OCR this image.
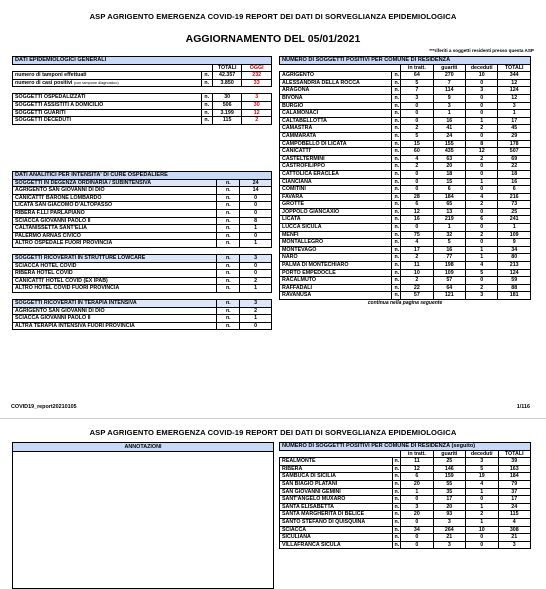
ASP AGRIGENTO EMERGENZA COVID-19 REPORT DEI DATI DI SORVEGLIANZA EPIDEMIOLOGICA
AGGIORNAMENTO DEL 05/01/2021
***riferiti a soggetti residenti presso questa ASP
DATI EPIDEMIOLOGICI GENERALI			
		TOTALI	OGGI
numero di tamponi effettuati	n.	42.357	232
numero di casi positivi (con tampone diagnostico)	n.	3.850	33

SOGGETTI OSPEDALIZZATI	n.	30	3
SOGGETTI ASSISTITI A DOMICILIO	n.	506	30
SOGGETTI GUARITI	n.	3.199	12
SOGGETTI DECEDUTI	n.	115	2
DATI ANALITICI PER INTENSITA' DI CURE OSPEDALIERE		
SOGGETTI IN DEGENZA ORDINARIA / SUBINTENSIVA	n.	24
AGRIGENTO SAN GIOVANNI DI DIO	n.	14
CANICATTI' BARONE LOMBARDO	n.	0
LICATA SAN GIACOMO D'ALTOPASSO	n.	0
RIBERA F.LLI PARLAPIANO	n.	0
SCIACCA GIOVANNI PAOLO II	n.	8
CALTANISSETTA SANT'ELIA	n.	1
PALERMO ARNAS CIVICO	n.	0
ALTRO OSPEDALE FUORI PROVINCIA	n.	1

SOGGETTI RICOVERATI IN STRUTTURE LOWCARE	n.	3
SCIACCA HOTEL COVID	n.	0
RIBERA HOTEL COVID	n.	0
CANICATTI' HOTEL COVID (EX IPAB)	n.	2
ALTRO HOTEL COVID FUORI PROVINCIA	n.	1

SOGGETTI RICOVERATI IN TERAPIA INTENSIVA	n.	3
AGRIGENTO SAN GIOVANNI DI DIO	n.	2
SCIACCA GIOVANNI PAOLO II	n.	1
ALTRA TERAPIA INTENSIVA FUORI PROVINCIA	n.	0
NUMERO DI SOGGETTI POSITIVI PER COMUNE DI RESIDENZA					
		in tratt.	guariti	deceduti	TOTALI
AGRIGENTO	n.	64	270	10	344
ALESSANDRIA DELLA ROCCA	n.	5	7	0	12
ARAGONA	n.	7	114	3	124
BIVONA	n.	3	9	0	12
BURGIO	n.	0	3	0	3
CALAMONACI	n.	0	1	0	1
CALTABELLOTTA	n.	0	16	1	17
CAMASTRA	n.	2	41	2	45
CAMMARATA	n.	5	24	0	29
CAMPOBELLO DI LICATA	n.	15	155	8	178
CANICATTI'	n.	60	435	12	507
CASTELTERMINI	n.	4	63	2	69
CASTROFILIPPO	n.	2	20	0	22
CATTOLICA ERACLEA	n.	0	18	0	18
CIANCIANA	n.	0	15	1	16
COMITINI	n.	0	6	0	6
FAVARA	n.	28	184	4	216
GROTTE	n.	6	65	2	73
JOPPOLO GIANCAXIO	n.	12	13	0	25
LICATA	n.	16	219	6	241
LUCCA SICULA	n.	0	1	0	1
MENFI	n.	75	32	2	109
MONTALLEGRO	n.	4	5	0	9
MONTEVAGO	n.	17	16	1	34
NARO	n.	2	77	1	80
PALMA DI MONTECHIARO	n.	11	198	4	213
PORTO EMPEDOCLE	n.	10	109	5	124
RACALMUTO	n.	2	57	0	59
RAFFADALI	n.	22	64	2	88
RAVANUSA	n.	57	121	3	181
continua nella pagina seguente					
COVID19_report20210105	1/116
ASP AGRIGENTO EMERGENZA COVID-19 REPORT DEI DATI DI SORVEGLIANZA EPIDEMIOLOGICA
ANNOTAZIONI	NUMERO DI SOGGETTI POSITIVI PER COMUNE DI RESIDENZA (seguito)					
		in tratt.	guariti	deceduti	TOTALI
REALMONTE	n.	11	25	3	39
RIBERA	n.	12	146	5	163
SAMBUCA DI SICILIA	n.	6	159	19	184
SAN BIAGIO PLATANI	n.	20	55	4	79
SAN GIOVANNI GEMINI	n.	1	35	1	37
SANT'ANGELO MUXARO	n.	0	17	0	17
SANTA ELISABETTA	n.	3	20	1	24
SANTA MARGHERITA DI BELICE	n.	20	93	2	115
SANTO STEFANO DI QUISQUINA	n.	0	3	1	4
SCIACCA	n.	34	264	10	308
SICULIANA	n.	0	21	0	21
VILLAFRANCA SICULA	n.	0	3	0	3
